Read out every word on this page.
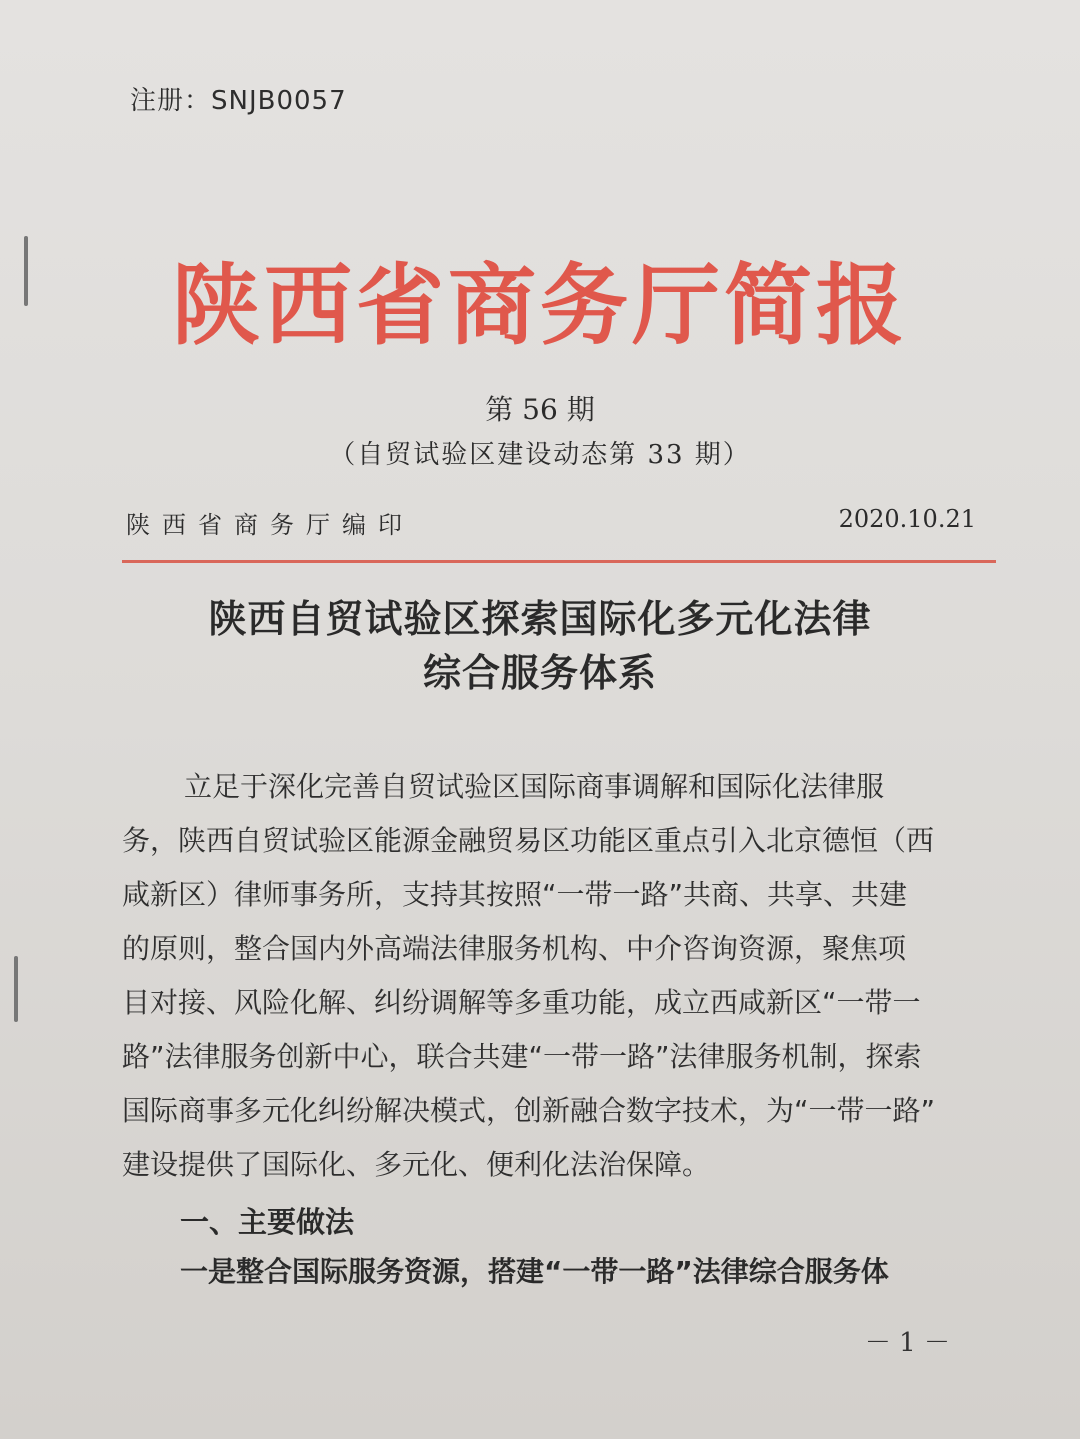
注册：SNJB0057
陕西省商务厅简报
第 56 期
（自贸试验区建设动态第 33 期）
陕西省商务厅编印	2020.10.21
陕西自贸试验区探索国际化多元化法律
综合服务体系
立足于深化完善自贸试验区国际商事调解和国际化法律服
务，陕西自贸试验区能源金融贸易区功能区重点引入北京德恒（西
咸新区）律师事务所，支持其按照“一带一路”共商、共享、共建
的原则，整合国内外高端法律服务机构、中介咨询资源，聚焦项
目对接、风险化解、纠纷调解等多重功能，成立西咸新区“一带一
路”法律服务创新中心，联合共建“一带一路”法律服务机制，探索
国际商事多元化纠纷解决模式，创新融合数字技术，为“一带一路”
建设提供了国际化、多元化、便利化法治保障。
一、主要做法
一是整合国际服务资源，搭建“一带一路”法律综合服务体
－ 1 －
